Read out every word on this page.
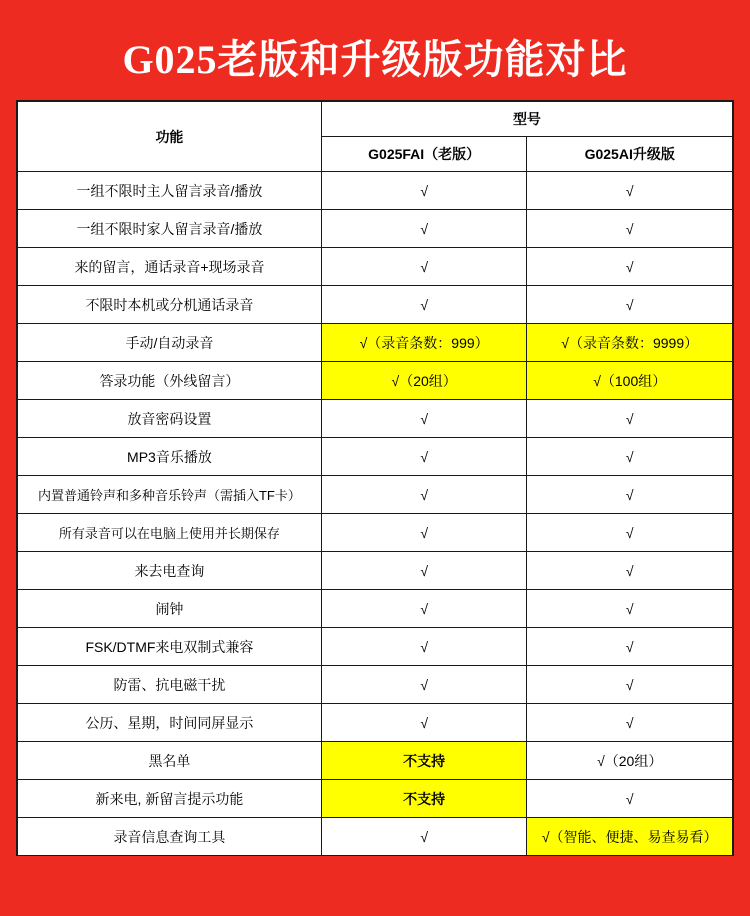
G025老版和升级版功能对比
功能	型号	
	G025FAI（老版）	G025AI升级版
一组不限时主人留言录音/播放	√	√
一组不限时家人留言录音/播放	√	√
来的留言，通话录音+现场录音	√	√
不限时本机或分机通话录音	√	√
手动/自动录音	√（录音条数：999）	√（录音条数：9999）
答录功能（外线留言）	√（20组）	√（100组）
放音密码设置	√	√
MP3音乐播放	√	√
内置普通铃声和多种音乐铃声（需插入TF卡）	√	√
所有录音可以在电脑上使用并长期保存	√	√
来去电查询	√	√
闹钟	√	√
FSK/DTMF来电双制式兼容	√	√
防雷、抗电磁干扰	√	√
公历、星期，时间同屏显示	√	√
黑名单	不支持	√（20组）
新来电, 新留言提示功能	不支持	√
录音信息查询工具	√	√（智能、便捷、易查易看）
